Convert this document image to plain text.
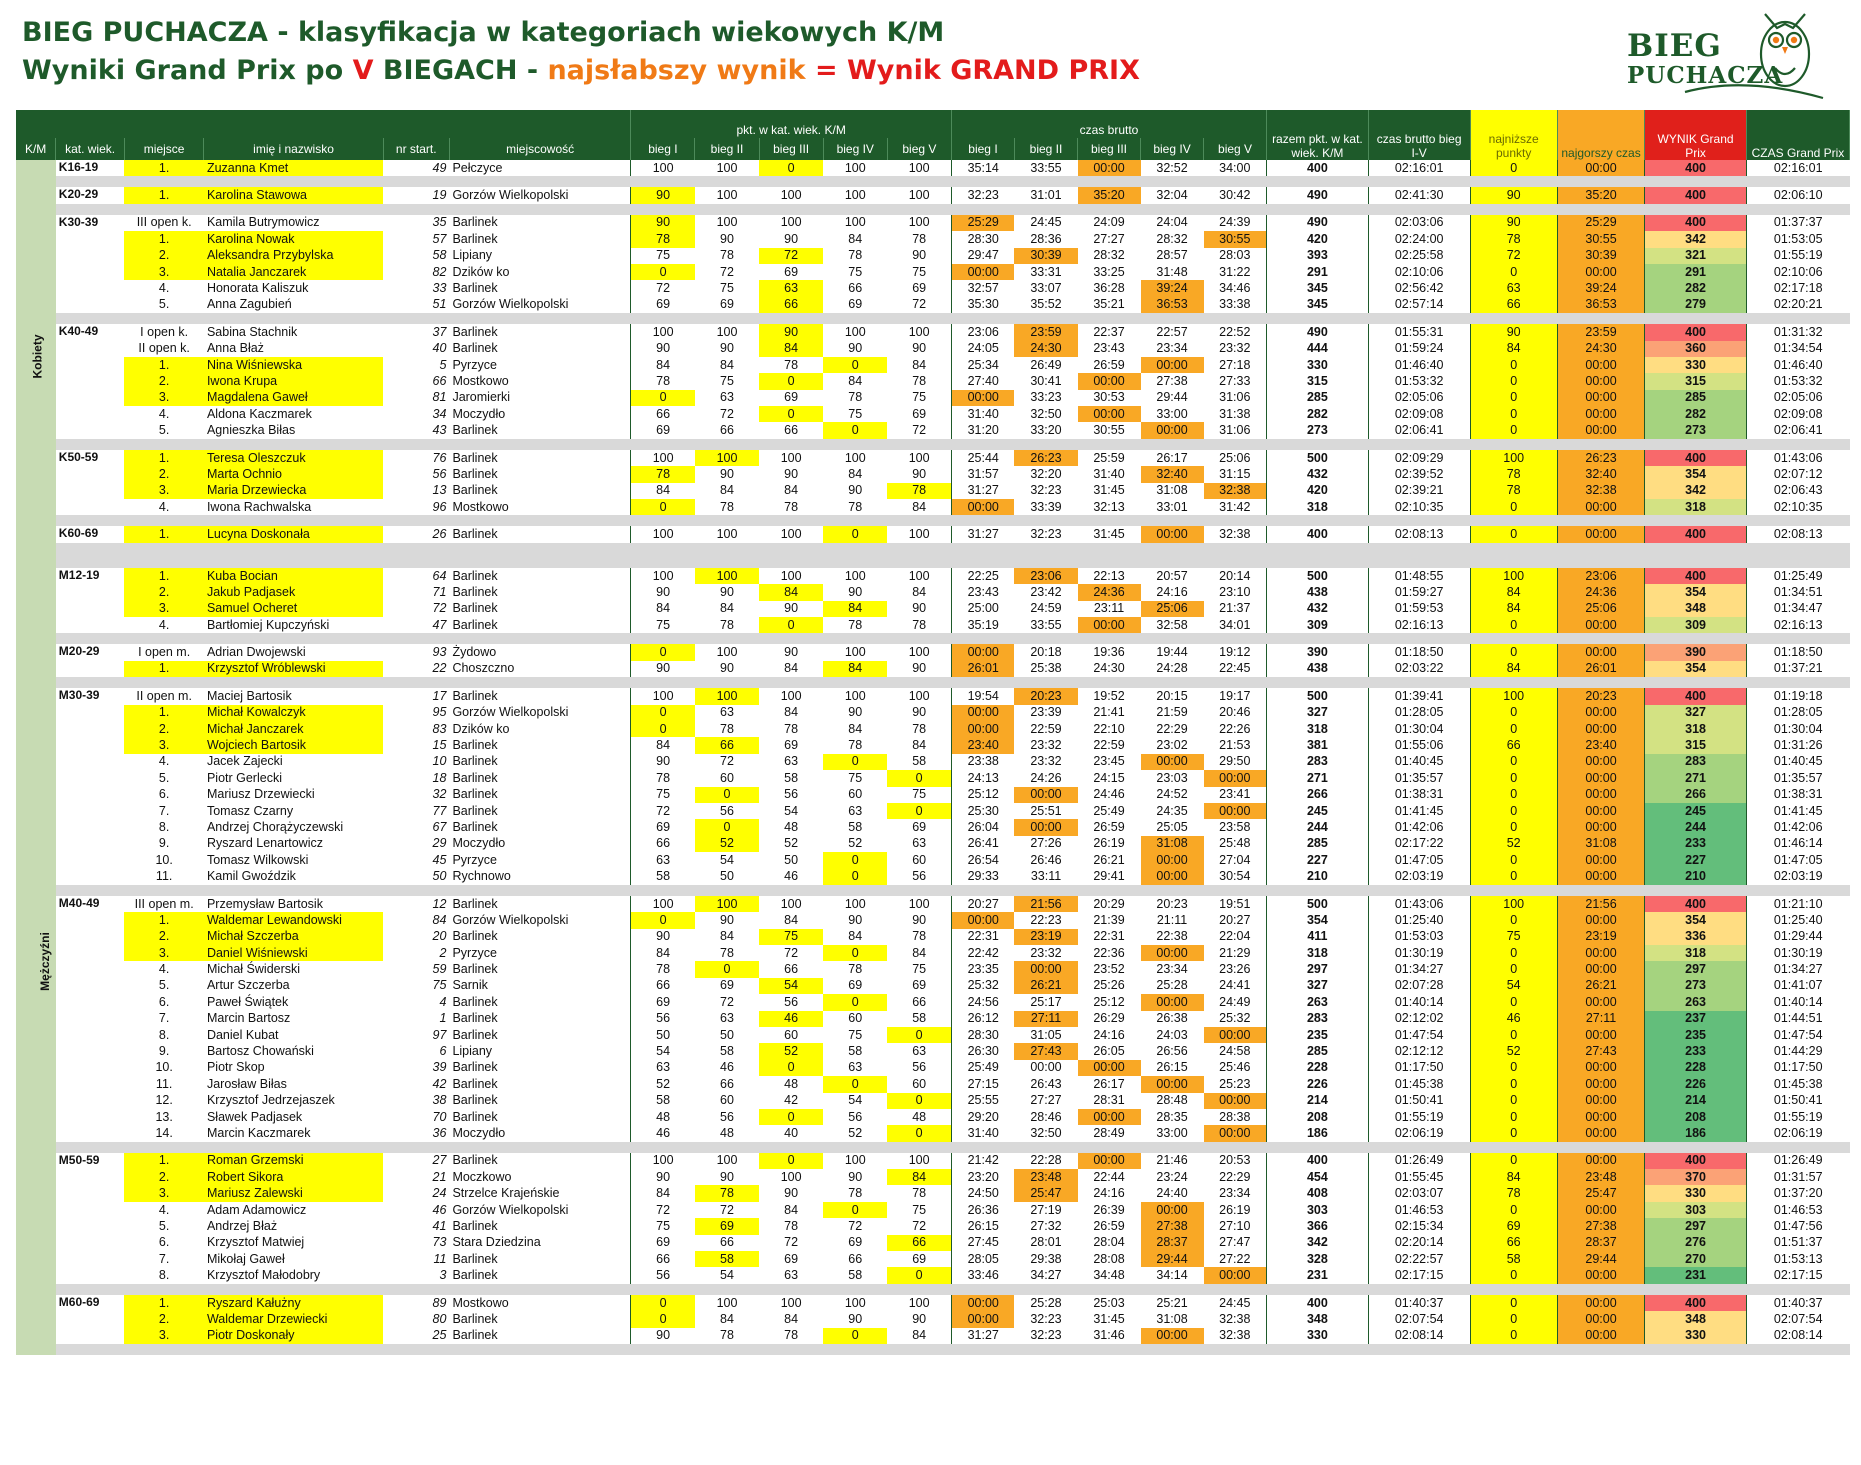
BIEG PUCHACZA - klasyfikacja w kategoriach wiekowych K/M
Wyniki Grand Prix po V BIEGACH - najsłabszy wynik = Wynik GRAND PRIX
BIEG
PUCHACZA
						pkt. w kat. wiek. K/M					czas brutto					razem pkt. w kat. wiek. K/M	czas brutto bieg I-V	najniższe punkty	najgorszy czas	WYNIK Grand Prix	CZAS Grand Prix
K/M	kat. wiek.	miejsce	imię i nazwisko	nr start.	miejscowość	bieg I	bieg II	bieg III	bieg IV	bieg V	bieg I	bieg II	bieg III	bieg IV	bieg V						
Kobiety	K16-19	1.	Zuzanna Kmet	49	Pełczyce	100	100	0	100	100	35:14	33:55	00:00	32:52	34:00	400	02:16:01	0	00:00	400	02:16:01

	K20-29	1.	Karolina Stawowa	19	Gorzów Wielkopolski	90	100	100	100	100	32:23	31:01	35:20	32:04	30:42	490	02:41:30	90	35:20	400	02:06:10

	K30-39	III open k.	Kamila Butrymowicz	35	Barlinek	90	100	100	100	100	25:29	24:45	24:09	24:04	24:39	490	02:03:06	90	25:29	400	01:37:37
		1.	Karolina Nowak	57	Barlinek	78	90	90	84	78	28:30	28:36	27:27	28:32	30:55	420	02:24:00	78	30:55	342	01:53:05
		2.	Aleksandra Przybylska	58	Lipiany	75	78	72	78	90	29:47	30:39	28:32	28:57	28:03	393	02:25:58	72	30:39	321	01:55:19
		3.	Natalia Janczarek	82	Dzików ko	0	72	69	75	75	00:00	33:31	33:25	31:48	31:22	291	02:10:06	0	00:00	291	02:10:06
		4.	Honorata Kaliszuk	33	Barlinek	72	75	63	66	69	32:57	33:07	36:28	39:24	34:46	345	02:56:42	63	39:24	282	02:17:18
		5.	Anna Zagubień	51	Gorzów Wielkopolski	69	69	66	69	72	35:30	35:52	35:21	36:53	33:38	345	02:57:14	66	36:53	279	02:20:21

	K40-49	I open k.	Sabina Stachnik	37	Barlinek	100	100	90	100	100	23:06	23:59	22:37	22:57	22:52	490	01:55:31	90	23:59	400	01:31:32
		II open k.	Anna Błaż	40	Barlinek	90	90	84	90	90	24:05	24:30	23:43	23:34	23:32	444	01:59:24	84	24:30	360	01:34:54
		1.	Nina Wiśniewska	5	Pyrzyce	84	84	78	0	84	25:34	26:49	26:59	00:00	27:18	330	01:46:40	0	00:00	330	01:46:40
		2.	Iwona Krupa	66	Mostkowo	78	75	0	84	78	27:40	30:41	00:00	27:38	27:33	315	01:53:32	0	00:00	315	01:53:32
		3.	Magdalena Gaweł	81	Jaromierki	0	63	69	78	75	00:00	33:23	30:53	29:44	31:06	285	02:05:06	0	00:00	285	02:05:06
		4.	Aldona Kaczmarek	34	Moczydło	66	72	0	75	69	31:40	32:50	00:00	33:00	31:38	282	02:09:08	0	00:00	282	02:09:08
		5.	Agnieszka Biłas	43	Barlinek	69	66	66	0	72	31:20	33:20	30:55	00:00	31:06	273	02:06:41	0	00:00	273	02:06:41

	K50-59	1.	Teresa Oleszczuk	76	Barlinek	100	100	100	100	100	25:44	26:23	25:59	26:17	25:06	500	02:09:29	100	26:23	400	01:43:06
		2.	Marta Ochnio	56	Barlinek	78	90	90	84	90	31:57	32:20	31:40	32:40	31:15	432	02:39:52	78	32:40	354	02:07:12
		3.	Maria Drzewiecka	13	Barlinek	84	84	84	90	78	31:27	32:23	31:45	31:08	32:38	420	02:39:21	78	32:38	342	02:06:43
		4.	Iwona Rachwalska	96	Mostkowo	0	78	78	78	84	00:00	33:39	32:13	33:01	31:42	318	02:10:35	0	00:00	318	02:10:35

	K60-69	1.	Lucyna Doskonała	26	Barlinek	100	100	100	0	100	31:27	32:23	31:45	00:00	32:38	400	02:08:13	0	00:00	400	02:08:13

Mężczyźni	M12-19	1.	Kuba Bocian	64	Barlinek	100	100	100	100	100	22:25	23:06	22:13	20:57	20:14	500	01:48:55	100	23:06	400	01:25:49
		2.	Jakub Padjasek	71	Barlinek	90	90	84	90	84	23:43	23:42	24:36	24:16	23:10	438	01:59:27	84	24:36	354	01:34:51
		3.	Samuel Ocheret	72	Barlinek	84	84	90	84	90	25:00	24:59	23:11	25:06	21:37	432	01:59:53	84	25:06	348	01:34:47
		4.	Bartłomiej Kupczyński	47	Barlinek	75	78	0	78	78	35:19	33:55	00:00	32:58	34:01	309	02:16:13	0	00:00	309	02:16:13

	M20-29	I open m.	Adrian Dwojewski	93	Żydowo	0	100	90	100	100	00:00	20:18	19:36	19:44	19:12	390	01:18:50	0	00:00	390	01:18:50
		1.	Krzysztof Wróblewski	22	Choszczno	90	90	84	84	90	26:01	25:38	24:30	24:28	22:45	438	02:03:22	84	26:01	354	01:37:21

	M30-39	II open m.	Maciej Bartosik	17	Barlinek	100	100	100	100	100	19:54	20:23	19:52	20:15	19:17	500	01:39:41	100	20:23	400	01:19:18
		1.	Michał Kowalczyk	95	Gorzów Wielkopolski	0	63	84	90	90	00:00	23:39	21:41	21:59	20:46	327	01:28:05	0	00:00	327	01:28:05
		2.	Michał Janczarek	83	Dzików ko	0	78	78	84	78	00:00	22:59	22:10	22:29	22:26	318	01:30:04	0	00:00	318	01:30:04
		3.	Wojciech Bartosik	15	Barlinek	84	66	69	78	84	23:40	23:32	22:59	23:02	21:53	381	01:55:06	66	23:40	315	01:31:26
		4.	Jacek Zajecki	10	Barlinek	90	72	63	0	58	23:38	23:32	23:45	00:00	29:50	283	01:40:45	0	00:00	283	01:40:45
		5.	Piotr Gerlecki	18	Barlinek	78	60	58	75	0	24:13	24:26	24:15	23:03	00:00	271	01:35:57	0	00:00	271	01:35:57
		6.	Mariusz Drzewiecki	32	Barlinek	75	0	56	60	75	25:12	00:00	24:46	24:52	23:41	266	01:38:31	0	00:00	266	01:38:31
		7.	Tomasz Czarny	77	Barlinek	72	56	54	63	0	25:30	25:51	25:49	24:35	00:00	245	01:41:45	0	00:00	245	01:41:45
		8.	Andrzej Chorążyczewski	67	Barlinek	69	0	48	58	69	26:04	00:00	26:59	25:05	23:58	244	01:42:06	0	00:00	244	01:42:06
		9.	Ryszard Lenartowicz	29	Moczydło	66	52	52	52	63	26:41	27:26	26:19	31:08	25:48	285	02:17:22	52	31:08	233	01:46:14
		10.	Tomasz Wilkowski	45	Pyrzyce	63	54	50	0	60	26:54	26:46	26:21	00:00	27:04	227	01:47:05	0	00:00	227	01:47:05
		11.	Kamil Gwoździk	50	Rychnowo	58	50	46	0	56	29:33	33:11	29:41	00:00	30:54	210	02:03:19	0	00:00	210	02:03:19

	M40-49	III open m.	Przemysław Bartosik	12	Barlinek	100	100	100	100	100	20:27	21:56	20:29	20:23	19:51	500	01:43:06	100	21:56	400	01:21:10
		1.	Waldemar Lewandowski	84	Gorzów Wielkopolski	0	90	84	90	90	00:00	22:23	21:39	21:11	20:27	354	01:25:40	0	00:00	354	01:25:40
		2.	Michał Szczerba	20	Barlinek	90	84	75	84	78	22:31	23:19	22:31	22:38	22:04	411	01:53:03	75	23:19	336	01:29:44
		3.	Daniel Wiśniewski	2	Pyrzyce	84	78	72	0	84	22:42	23:32	22:36	00:00	21:29	318	01:30:19	0	00:00	318	01:30:19
		4.	Michał Świderski	59	Barlinek	78	0	66	78	75	23:35	00:00	23:52	23:34	23:26	297	01:34:27	0	00:00	297	01:34:27
		5.	Artur Szczerba	75	Sarnik	66	69	54	69	69	25:32	26:21	25:26	25:28	24:41	327	02:07:28	54	26:21	273	01:41:07
		6.	Paweł Świątek	4	Barlinek	69	72	56	0	66	24:56	25:17	25:12	00:00	24:49	263	01:40:14	0	00:00	263	01:40:14
		7.	Marcin Bartosz	1	Barlinek	56	63	46	60	58	26:12	27:11	26:29	26:38	25:32	283	02:12:02	46	27:11	237	01:44:51
		8.	Daniel Kubat	97	Barlinek	50	50	60	75	0	28:30	31:05	24:16	24:03	00:00	235	01:47:54	0	00:00	235	01:47:54
		9.	Bartosz Chowański	6	Lipiany	54	58	52	58	63	26:30	27:43	26:05	26:56	24:58	285	02:12:12	52	27:43	233	01:44:29
		10.	Piotr Skop	39	Barlinek	63	46	0	63	56	25:49	00:00	00:00	26:15	25:46	228	01:17:50	0	00:00	228	01:17:50
		11.	Jarosław Biłas	42	Barlinek	52	66	48	0	60	27:15	26:43	26:17	00:00	25:23	226	01:45:38	0	00:00	226	01:45:38
		12.	Krzysztof Jedrzejaszek	38	Barlinek	58	60	42	54	0	25:55	27:27	28:31	28:48	00:00	214	01:50:41	0	00:00	214	01:50:41
		13.	Sławek Padjasek	70	Barlinek	48	56	0	56	48	29:20	28:46	00:00	28:35	28:38	208	01:55:19	0	00:00	208	01:55:19
		14.	Marcin Kaczmarek	36	Moczydło	46	48	40	52	0	31:40	32:50	28:49	33:00	00:00	186	02:06:19	0	00:00	186	02:06:19

	M50-59	1.	Roman Grzemski	27	Barlinek	100	100	0	100	100	21:42	22:28	00:00	21:46	20:53	400	01:26:49	0	00:00	400	01:26:49
		2.	Robert Sikora	21	Moczkowo	90	90	100	90	84	23:20	23:48	22:44	23:24	22:29	454	01:55:45	84	23:48	370	01:31:57
		3.	Mariusz Zalewski	24	Strzelce Krajeńskie	84	78	90	78	78	24:50	25:47	24:16	24:40	23:34	408	02:03:07	78	25:47	330	01:37:20
		4.	Adam Adamowicz	46	Gorzów Wielkopolski	72	72	84	0	75	26:36	27:19	26:39	00:00	26:19	303	01:46:53	0	00:00	303	01:46:53
		5.	Andrzej Błaż	41	Barlinek	75	69	78	72	72	26:15	27:32	26:59	27:38	27:10	366	02:15:34	69	27:38	297	01:47:56
		6.	Krzysztof Matwiej	73	Stara Dziedzina	69	66	72	69	66	27:45	28:01	28:04	28:37	27:47	342	02:20:14	66	28:37	276	01:51:37
		7.	Mikołaj Gaweł	11	Barlinek	66	58	69	66	69	28:05	29:38	28:08	29:44	27:22	328	02:22:57	58	29:44	270	01:53:13
		8.	Krzysztof Małodobry	3	Barlinek	56	54	63	58	0	33:46	34:27	34:48	34:14	00:00	231	02:17:15	0	00:00	231	02:17:15

	M60-69	1.	Ryszard Kałużny	89	Mostkowo	0	100	100	100	100	00:00	25:28	25:03	25:21	24:45	400	01:40:37	0	00:00	400	01:40:37
		2.	Waldemar Drzewiecki	80	Barlinek	0	84	84	90	90	00:00	32:23	31:45	31:08	32:38	348	02:07:54	0	00:00	348	02:07:54
		3.	Piotr Doskonały	25	Barlinek	90	78	78	0	84	31:27	32:23	31:46	00:00	32:38	330	02:08:14	0	00:00	330	02:08:14
